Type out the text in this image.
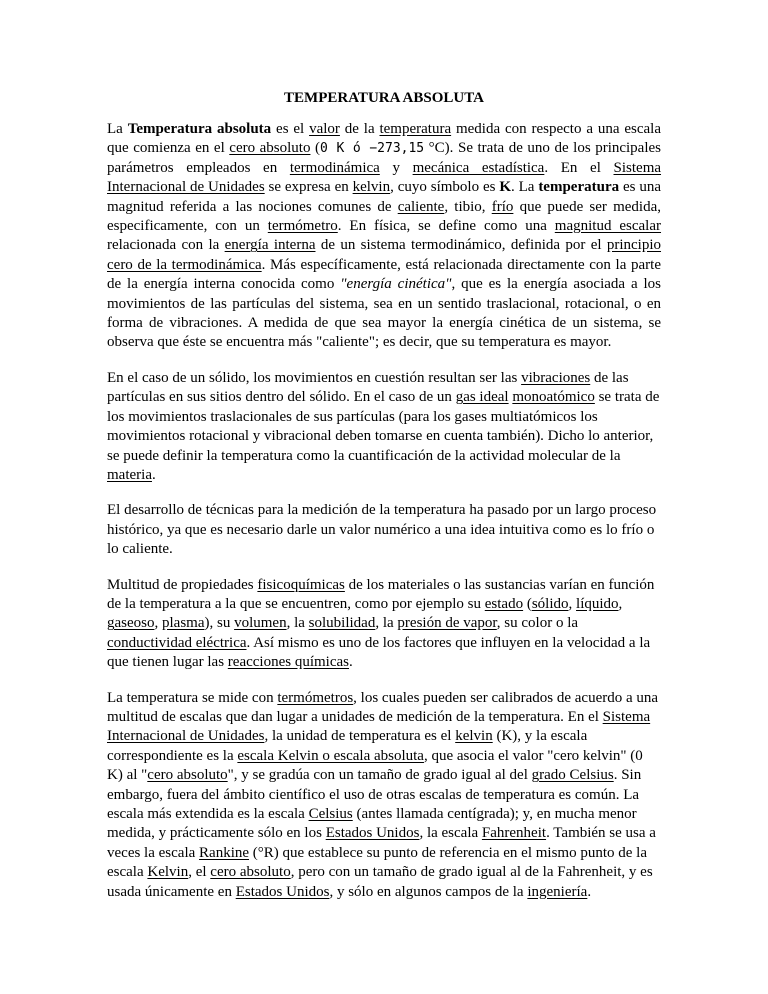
TEMPERATURA ABSOLUTA

La Temperatura absoluta es el valor de la temperatura medida con respecto a una escala que comienza en el cero absoluto (0 K ó −273,15 °C). Se trata de uno de los principales parámetros empleados en termodinámica y mecánica estadística. En el Sistema Internacional de Unidades se expresa en kelvin, cuyo símbolo es K. La temperatura es una magnitud referida a las nociones comunes de caliente, tibio, frío que puede ser medida, especificamente, con un termómetro. En física, se define como una magnitud escalar relacionada con la energía interna de un sistema termodinámico, definida por el principio cero de la termodinámica. Más específicamente, está relacionada directamente con la parte de la energía interna conocida como "energía cinética", que es la energía asociada a los movimientos de las partículas del sistema, sea en un sentido traslacional, rotacional, o en forma de vibraciones. A medida de que sea mayor la energía cinética de un sistema, se observa que éste se encuentra más "caliente"; es decir, que su temperatura es mayor.

En el caso de un sólido, los movimientos en cuestión resultan ser las vibraciones de las partículas en sus sitios dentro del sólido. En el caso de un gas ideal monoatómico se trata de los movimientos traslacionales de sus partículas (para los gases multiatómicos los movimientos rotacional y vibracional deben tomarse en cuenta también). Dicho lo anterior, se puede definir la temperatura como la cuantificación de la actividad molecular de la materia.

El desarrollo de técnicas para la medición de la temperatura ha pasado por un largo proceso histórico, ya que es necesario darle un valor numérico a una idea intuitiva como es lo frío o lo caliente.

Multitud de propiedades fisicoquímicas de los materiales o las sustancias varían en función de la temperatura a la que se encuentren, como por ejemplo su estado (sólido, líquido, gaseoso, plasma), su volumen, la solubilidad, la presión de vapor, su color o la conductividad eléctrica. Así mismo es uno de los factores que influyen en la velocidad a la que tienen lugar las reacciones químicas.

La temperatura se mide con termómetros, los cuales pueden ser calibrados de acuerdo a una multitud de escalas que dan lugar a unidades de medición de la temperatura. En el Sistema Internacional de Unidades, la unidad de temperatura es el kelvin (K), y la escala correspondiente es la escala Kelvin o escala absoluta, que asocia el valor "cero kelvin" (0 K) al "cero absoluto", y se gradúa con un tamaño de grado igual al del grado Celsius. Sin embargo, fuera del ámbito científico el uso de otras escalas de temperatura es común. La escala más extendida es la escala Celsius (antes llamada centígrada); y, en mucha menor medida, y prácticamente sólo en los Estados Unidos, la escala Fahrenheit. También se usa a veces la escala Rankine (°R) que establece su punto de referencia en el mismo punto de la escala Kelvin, el cero absoluto, pero con un tamaño de grado igual al de la Fahrenheit, y es usada únicamente en Estados Unidos, y sólo en algunos campos de la ingeniería.
